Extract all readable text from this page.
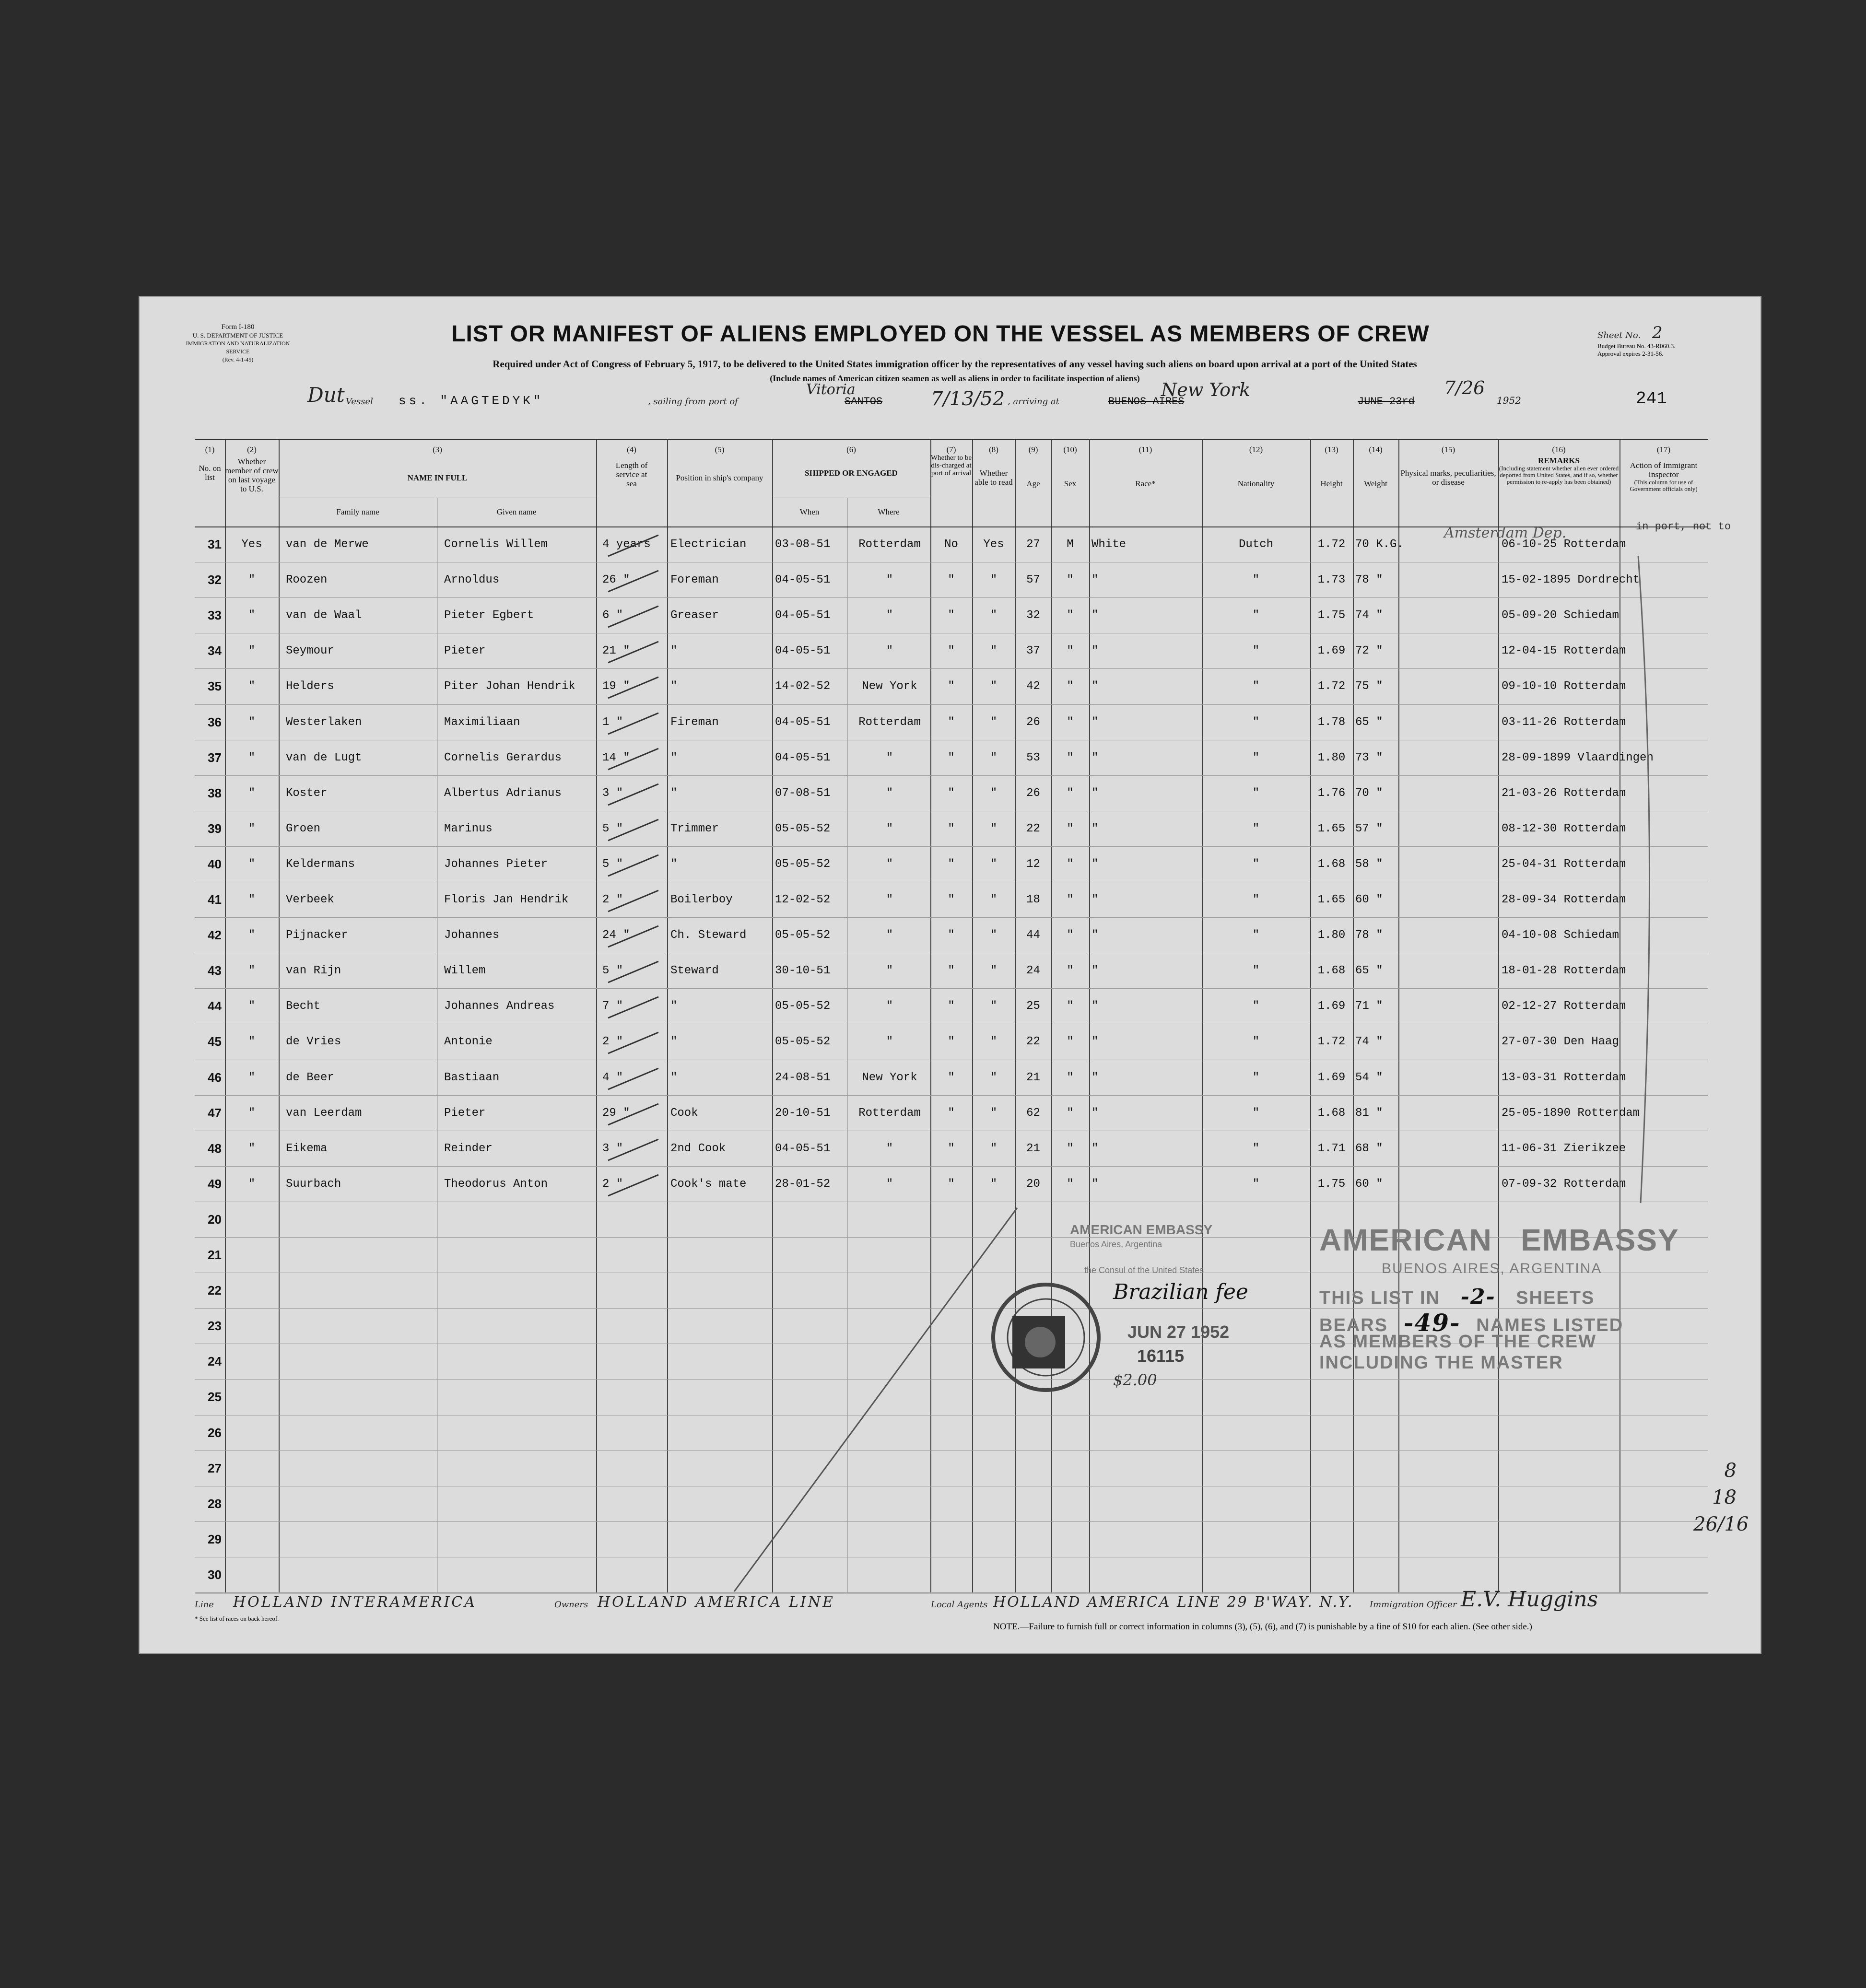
Form I-180
U. S. DEPARTMENT OF JUSTICE
IMMIGRATION AND NATURALIZATION SERVICE
(Rev. 4-1-45)
Sheet No. 2
Budget Bureau No. 43-R060.3.
Approval expires 2-31-56.
LIST OR MANIFEST OF ALIENS EMPLOYED ON THE VESSEL AS MEMBERS OF CREW
Required under Act of Congress of February 5, 1917, to be delivered to the United States immigration officer by the representatives of any vessel having such aliens on board upon arrival at a port of the United States
(Include names of American citizen seamen as well as aliens in order to facilitate inspection of aliens)
Dut Vessel ss. "AAGTEDYK"	, sailing from port of
Vitoria
SANTOS	7/13/52 , arriving at	BUENOS AIRES
New York
JUNE 23rd
7/26
1952	241
(1)
No. on list
(2)
Whether member of crew on last voyage to U.S.
(3)
NAME IN FULL
Family name	Given name
(4)
Length of service at sea
(5)
Position in ship's company
(6)
SHIPPED OR ENGAGED
When	Where
(7)
Whether to be dis-charged at port of arrival
(8)
Whether able to read
(9)
Age
(10)
Sex
(11)
Race*
(12)
Nationality
(13)
Height
(14)
Weight
(15)
Physical marks, peculiarities, or disease
(16)
REMARKS
(Including statement whether alien ever ordered deported from United States, and if so, whether permission to re-apply has been obtained)
(17)
Action of Immigrant Inspector
(This column for use of Government officials only)
31	Yes	van de Merwe	Cornelis Willem	4 years	Electrician	03-08-51	Rotterdam	No	Yes	27	M	White	Dutch	1.72 70 K.G.	06-10-25 Rotterdam
32	"	Roozen	Arnoldus	26 "	Foreman	04-05-51	"	"	"	57	"	"	"	1.73 78 "	15-02-1895 Dordrecht
33	"	van de Waal	Pieter Egbert	6 "	Greaser	04-05-51	"	"	"	32	"	"	"	1.75 74 "	05-09-20 Schiedam
34	"	Seymour	Pieter	21 "	"	04-05-51	"	"	"	37	"	"	"	1.69 72 "	12-04-15 Rotterdam
35	"	Helders	Piter Johan Hendrik	19 "	"	14-02-52	New York	"	"	42	"	"	"	1.72 75 "	09-10-10 Rotterdam
36	"	Westerlaken	Maximiliaan	1 "	Fireman	04-05-51	Rotterdam	"	"	26	"	"	"	1.78 65 "	03-11-26 Rotterdam
37	"	van de Lugt	Cornelis Gerardus	14 "	"	04-05-51	"	"	"	53	"	"	"	1.80 73 "	28-09-1899 Vlaardingen
38	"	Koster	Albertus Adrianus	3 "	"	07-08-51	"	"	"	26	"	"	"	1.76 70 "	21-03-26 Rotterdam
39	"	Groen	Marinus	5 "	Trimmer	05-05-52	"	"	"	22	"	"	"	1.65 57 "	08-12-30 Rotterdam
40	"	Keldermans	Johannes Pieter	5 "	"	05-05-52	"	"	"	12	"	"	"	1.68 58 "	25-04-31 Rotterdam
41	"	Verbeek	Floris Jan Hendrik	2 "	Boilerboy	12-02-52	"	"	"	18	"	"	"	1.65 60 "	28-09-34 Rotterdam
42	"	Pijnacker	Johannes	24 "	Ch. Steward	05-05-52	"	"	"	44	"	"	"	1.80 78 "	04-10-08 Schiedam
43	"	van Rijn	Willem	5 "	Steward	30-10-51	"	"	"	24	"	"	"	1.68 65 "	18-01-28 Rotterdam
44	"	Becht	Johannes Andreas	7 "	"	05-05-52	"	"	"	25	"	"	"	1.69 71 "	02-12-27 Rotterdam
45	"	de Vries	Antonie	2 "	"	05-05-52	"	"	"	22	"	"	"	1.72 74 "	27-07-30 Den Haag
46	"	de Beer	Bastiaan	4 "	"	24-08-51	New York	"	"	21	"	"	"	1.69 54 "	13-03-31 Rotterdam
47	"	van Leerdam	Pieter	29 "	Cook	20-10-51	Rotterdam	"	"	62	"	"	"	1.68 81 "	25-05-1890 Rotterdam
48	"	Eikema	Reinder	3 "	2nd Cook	04-05-51	"	"	"	21	"	"	"	1.71 68 "	11-06-31 Zierikzee
49	"	Suurbach	Theodorus Anton	2 "	Cook's mate	28-01-52	"	"	"	20	"	"	"	1.75 60 "	07-09-32 Rotterdam
20
21
22
23
24
25
26
27
28
29
30
in port, not to
Amsterdam Dep.
AMERICAN EMBASSY
Buenos Aires, Argentina
the Consul of the United States
Brazilian fee
JUN 27 1952
16115
$2.00
AMERICAN   EMBASSY
BUENOS AIRES, ARGENTINA
THIS LIST IN -2- SHEETS
BEARS -49- NAMES LISTED
AS MEMBERS OF THE CREW
INCLUDING THE MASTER
8
18
26/16
Line HOLLAND INTERAMERICA	Owners HOLLAND AMERICA LINE	Local Agents HOLLAND AMERICA LINE 29 B'WAY. N.Y. Immigration Officer E.V. Huggins
* See list of races on back hereof.
NOTE.—Failure to furnish full or correct information in columns (3), (5), (6), and (7) is punishable by a fine of $10 for each alien. (See other side.)
